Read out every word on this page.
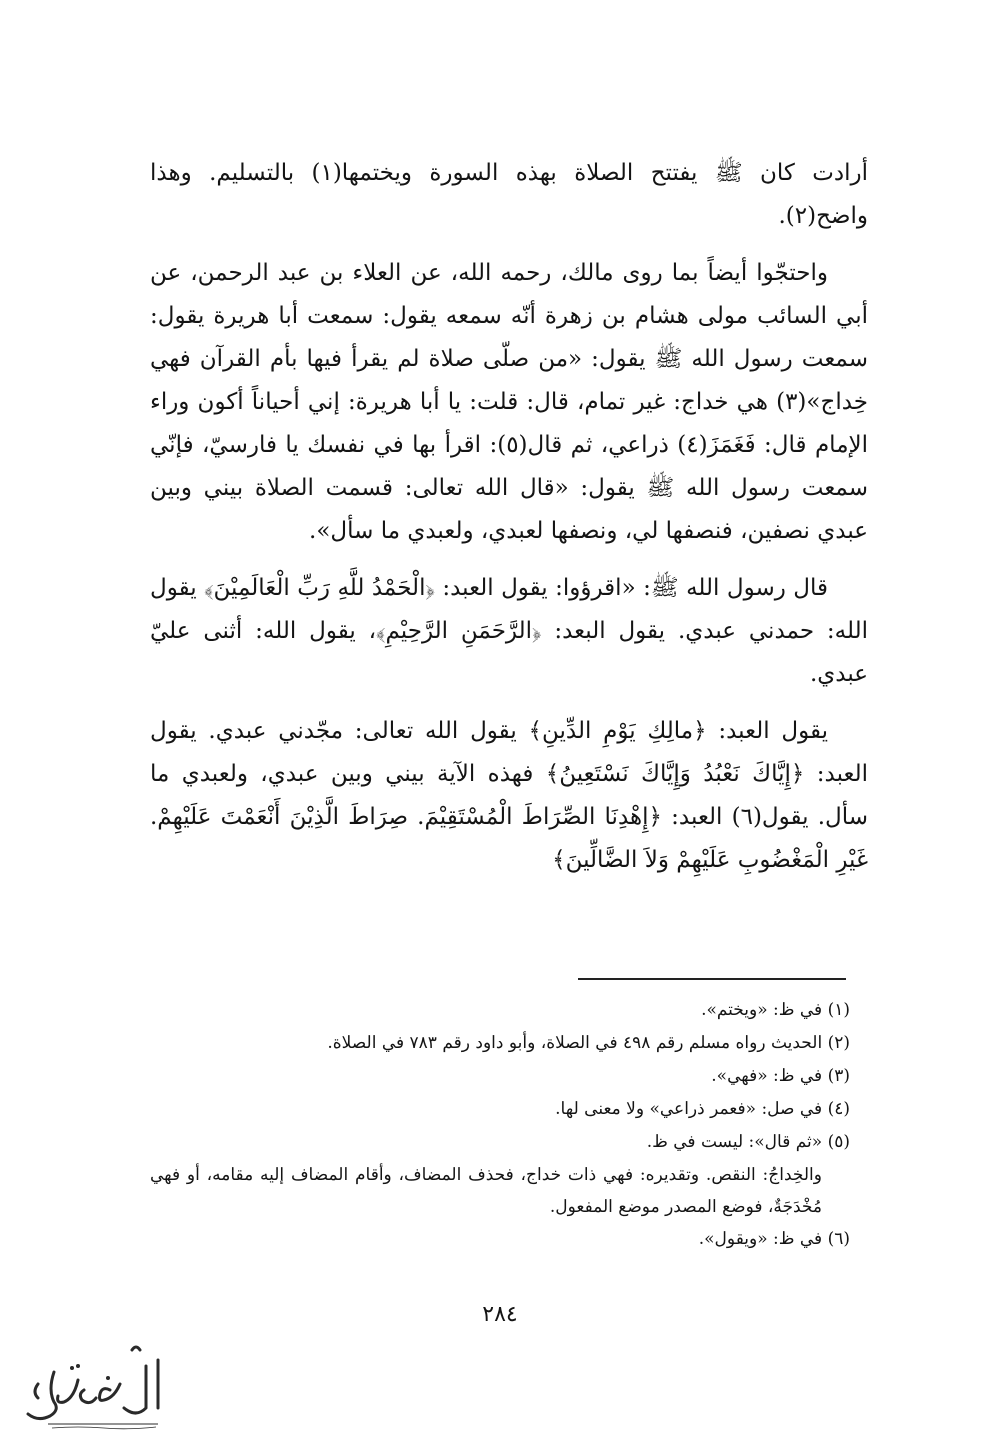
أرادت كان ﷺ يفتتح الصلاة بهذه السورة ويختمها(١) بالتسليم. وهذا واضح(٢).

واحتجّوا أيضاً بما روى مالك، رحمه الله، عن العلاء بن عبد الرحمن، عن أبي السائب مولى هشام بن زهرة أنّه سمعه يقول: سمعت أبا هريرة يقول: سمعت رسول الله ﷺ يقول: «من صلّى صلاة لم يقرأ فيها بأم القرآن فهي خِداج»(٣) هي خداج: غير تمام، قال: قلت: يا أبا هريرة: إني أحياناً أكون وراء الإمام قال: فَغَمَزَ(٤) ذراعي، ثم قال(٥): اقرأ بها في نفسك يا فارسيّ، فإنّي سمعت رسول الله ﷺ يقول: «قال الله تعالى: قسمت الصلاة بيني وبين عبدي نصفين، فنصفها لي، ونصفها لعبدي، ولعبدي ما سأل».

قال رسول الله ﷺ: «اقرؤوا: يقول العبد: ﴿الْحَمْدُ للَّهِ رَبِّ الْعَالَمِيْنَ﴾ يقول الله: حمدني عبدي. يقول البعد: ﴿الرَّحَمَنِ الرَّحِيْمِ﴾، يقول الله: أثنى عليّ عبدي.

يقول العبد: ﴿مالِكِ يَوْمِ الدِّينِ﴾ يقول الله تعالى: مجّدني عبدي. يقول العبد: ﴿إِيَّاكَ نَعْبُدُ وَإِيَّاكَ نَسْتَعِينُ﴾ فهذه الآية بيني وبين عبدي، ولعبدي ما سأل. يقول(٦) العبد: ﴿إِهْدِنَا الصِّرَاطَ الْمُسْتَقِيْمَ. صِرَاطَ الَّذِيْنَ أَنْعَمْتَ عَلَيْهِمْ. غَيْرِ الْمَغْضُوبِ عَلَيْهِمْ وَلاَ الضَّالِّينَ﴾

(١) في ظ: «ويختم».

(٢) الحديث رواه مسلم رقم ٤٩٨ في الصلاة، وأبو داود رقم ٧٨٣ في الصلاة.

(٣) في ظ: «فهي».

(٤) في صل: «فعمر ذراعي» ولا معنى لها.

(٥) «ثم قال»: ليست في ظ.

والخِداجُ: النقص. وتقديره: فهي ذات خداج، فحذف المضاف، وأقام المضاف إليه مقامه، أو فهي مُخْدَجَةٌ، فوضع المصدر موضع المفعول.

(٦) في ظ: «ويقول».

٢٨٤
